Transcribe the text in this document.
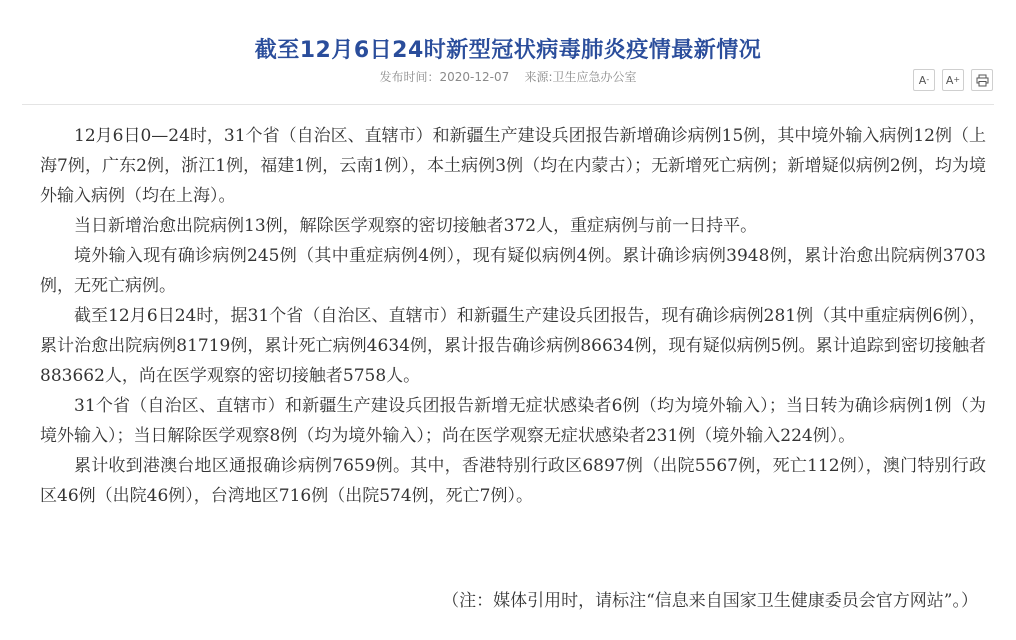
截至12月6日24时新型冠状病毒肺炎疫情最新情况
发布时间：2020-12-07 来源:卫生应急办公室	A - A +

12月6日0—24时，31个省（自治区、直辖市）和新疆生产建设兵团报告新增确诊病例15例，其中境外输入病例12例（上海7例，广东2例，浙江1例，福建1例，云南1例），本土病例3例（均在内蒙古）；无新增死亡病例；新增疑似病例2例，均为境外输入病例（均在上海）。

当日新增治愈出院病例13例，解除医学观察的密切接触者372人，重症病例与前一日持平。

境外输入现有确诊病例245例（其中重症病例4例），现有疑似病例4例。累计确诊病例3948例，累计治愈出院病例3703例，无死亡病例。

截至12月6日24时，据31个省（自治区、直辖市）和新疆生产建设兵团报告，现有确诊病例281例（其中重症病例6例），累计治愈出院病例81719例，累计死亡病例4634例，累计报告确诊病例86634例，现有疑似病例5例。累计追踪到密切接触者883662人，尚在医学观察的密切接触者5758人。

31个省（自治区、直辖市）和新疆生产建设兵团报告新增无症状感染者6例（均为境外输入）；当日转为确诊病例1例（为境外输入）；当日解除医学观察8例（均为境外输入）；尚在医学观察无症状感染者231例（境外输入224例）。

累计收到港澳台地区通报确诊病例7659例。其中，香港特别行政区6897例（出院5567例，死亡112例），澳门特别行政区46例（出院46例），台湾地区716例（出院574例，死亡7例）。

（注：媒体引用时，请标注“信息来自国家卫生健康委员会官方网站”。）
